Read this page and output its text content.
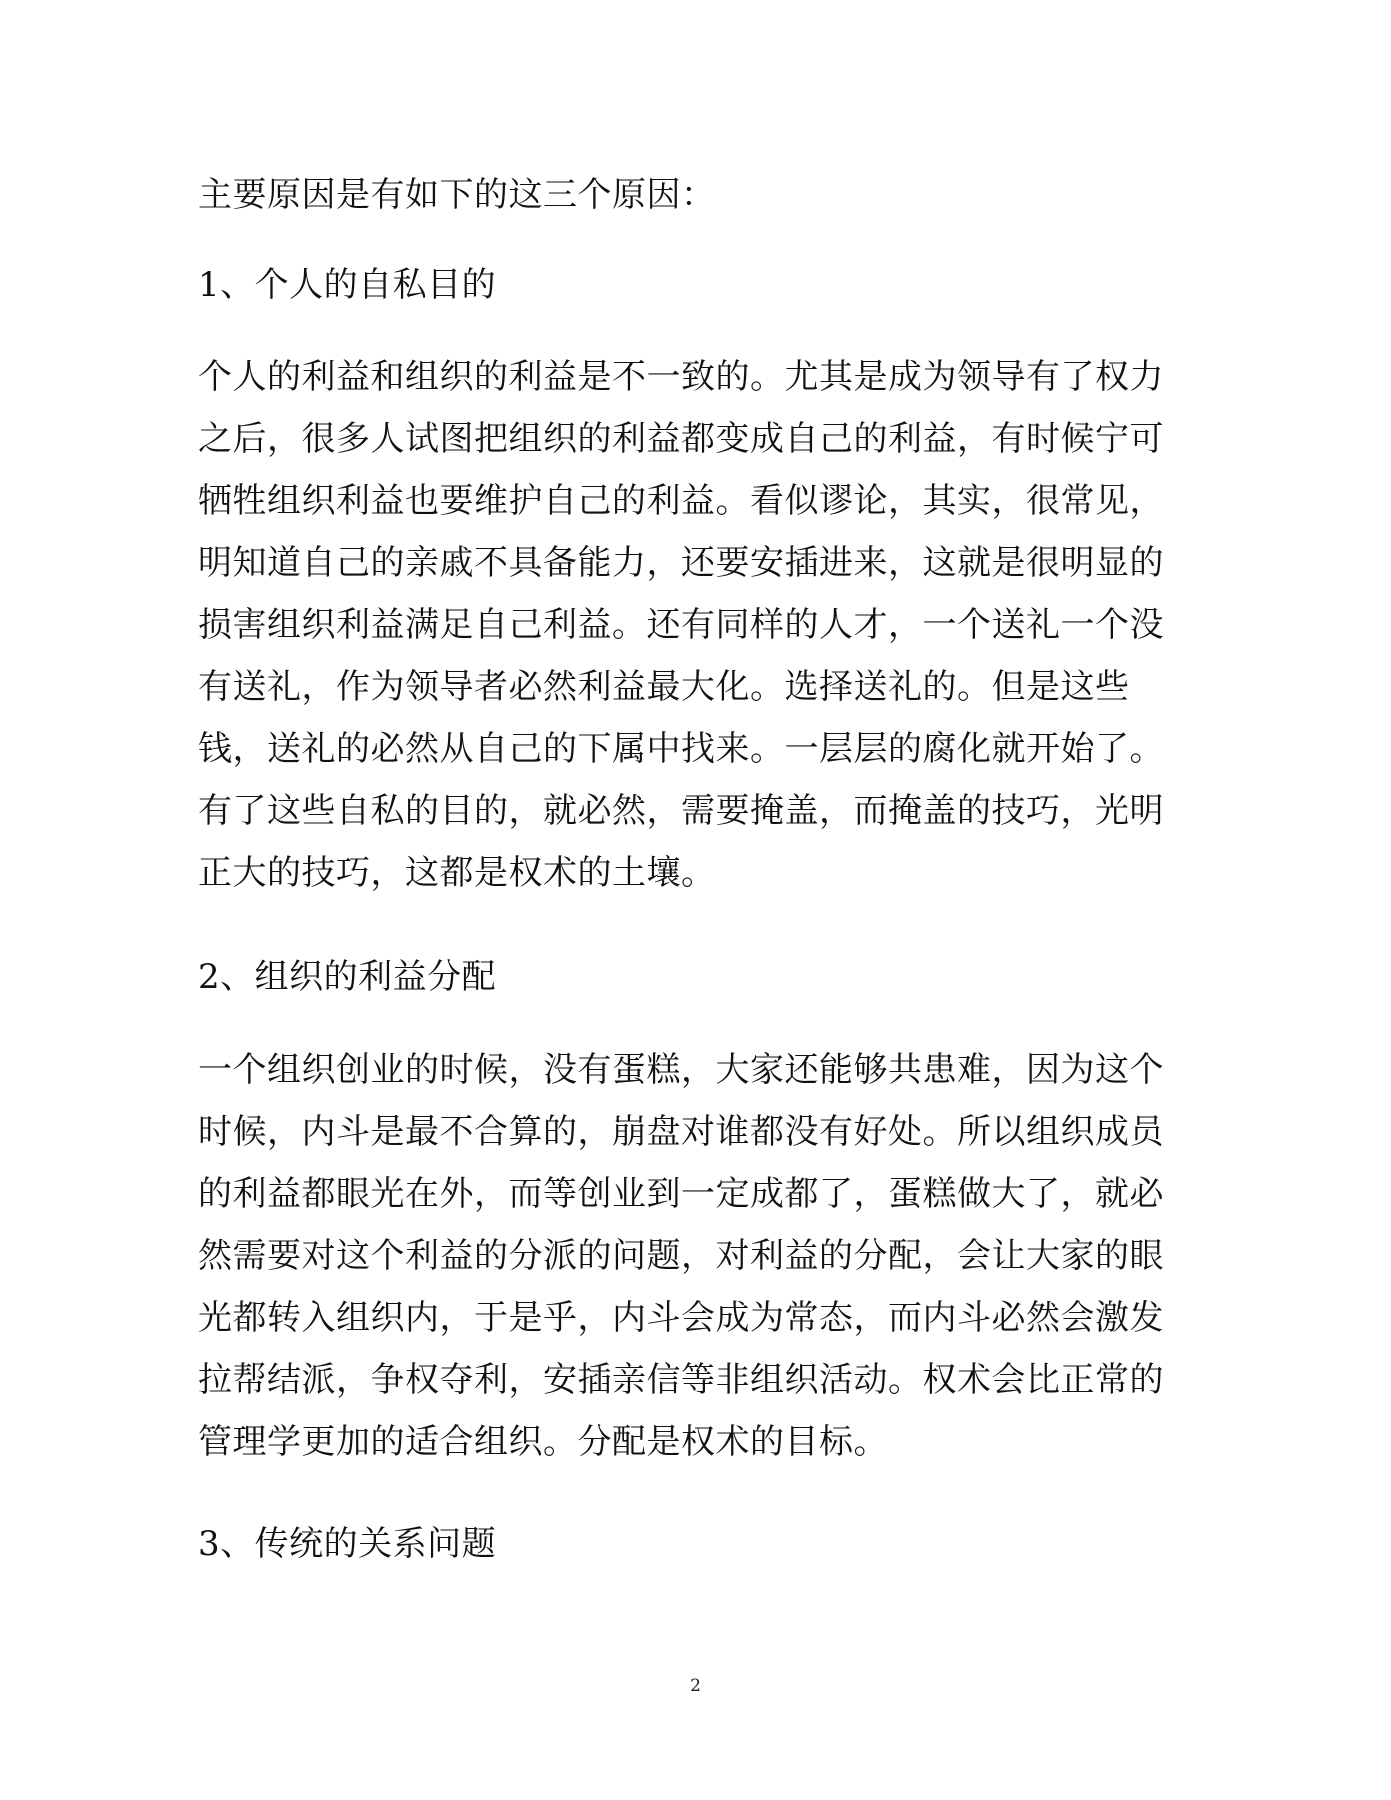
主要原因是有如下的这三个原因：
1、个人的自私目的
个人的利益和组织的利益是不一致的。尤其是成为领导有了权力
之后，很多人试图把组织的利益都变成自己的利益，有时候宁可
牺牲组织利益也要维护自己的利益。看似谬论，其实，很常见，
明知道自己的亲戚不具备能力，还要安插进来，这就是很明显的
损害组织利益满足自己利益。还有同样的人才，一个送礼一个没
有送礼，作为领导者必然利益最大化。选择送礼的。但是这些
钱，送礼的必然从自己的下属中找来。一层层的腐化就开始了。
有了这些自私的目的，就必然，需要掩盖，而掩盖的技巧，光明
正大的技巧，这都是权术的土壤。
2、组织的利益分配
一个组织创业的时候，没有蛋糕，大家还能够共患难，因为这个
时候，内斗是最不合算的，崩盘对谁都没有好处。所以组织成员
的利益都眼光在外，而等创业到一定成都了，蛋糕做大了，就必
然需要对这个利益的分派的问题，对利益的分配，会让大家的眼
光都转入组织内，于是乎，内斗会成为常态，而内斗必然会激发
拉帮结派，争权夺利，安插亲信等非组织活动。权术会比正常的
管理学更加的适合组织。分配是权术的目标。
3、传统的关系问题
2
